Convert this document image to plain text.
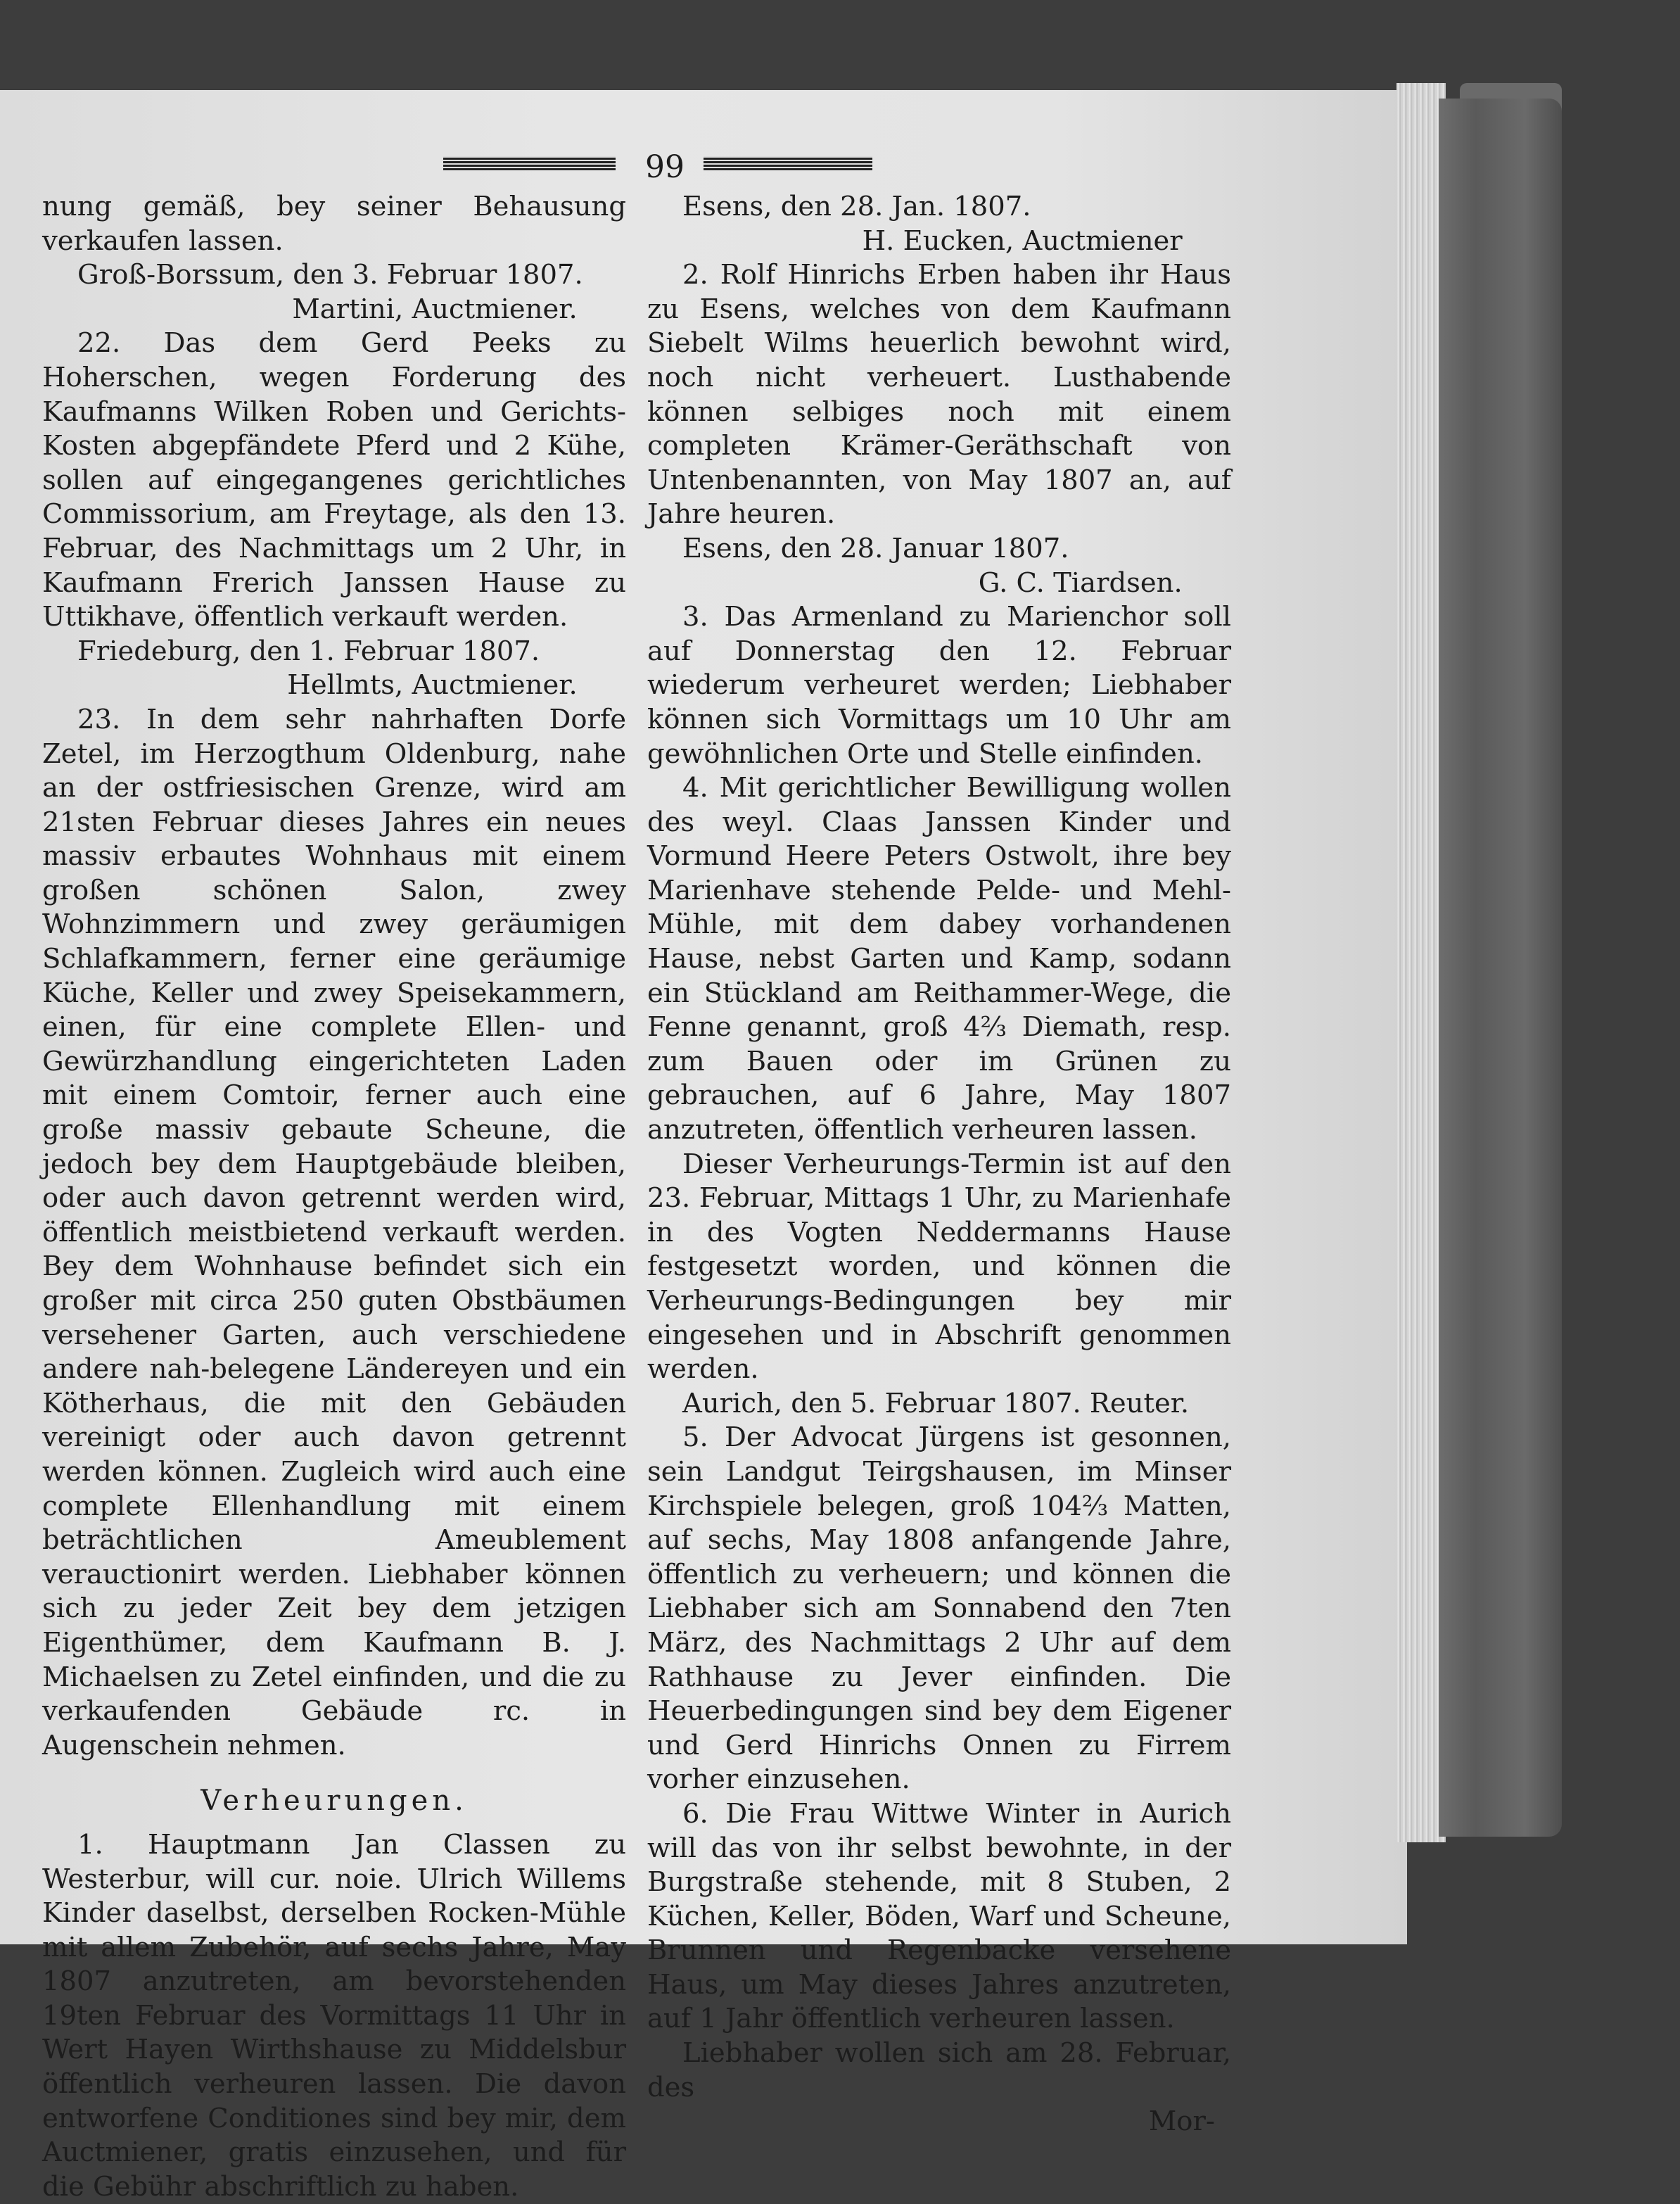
99

nung gemäß, bey seiner Behausung verkaufen lassen.

Groß-Borssum, den 3. Februar 1807.

Martini, Auctmiener.

22. Das dem Gerd Peeks zu Hoherschen, wegen Forderung des Kaufmanns Wilken Roben und Gerichts-Kosten abgepfändete Pferd und 2 Kühe, sollen auf eingegangenes gerichtliches Commissorium, am Freytage, als den 13. Februar, des Nachmittags um 2 Uhr, in Kaufmann Frerich Janssen Hause zu Uttikhave, öffentlich verkauft werden.

Friedeburg, den 1. Februar 1807.

Hellmts, Auctmiener.

23. In dem sehr nahrhaften Dorfe Zetel, im Herzogthum Oldenburg, nahe an der ostfriesischen Grenze, wird am 21sten Februar dieses Jahres ein neues massiv erbautes Wohnhaus mit einem großen schönen Salon, zwey Wohnzimmern und zwey geräumigen Schlafkammern, ferner eine geräumige Küche, Keller und zwey Speisekammern, einen, für eine complete Ellen- und Gewürzhandlung eingerichteten Laden mit einem Comtoir, ferner auch eine große massiv gebaute Scheune, die jedoch bey dem Hauptgebäude bleiben, oder auch davon getrennt werden wird, öffentlich meistbietend verkauft werden. Bey dem Wohnhause befindet sich ein großer mit circa 250 guten Obstbäumen versehener Garten, auch verschiedene andere nah-belegene Ländereyen und ein Kötherhaus, die mit den Gebäuden vereinigt oder auch davon getrennt werden können. Zugleich wird auch eine complete Ellenhandlung mit einem beträchtlichen Ameublement verauctionirt werden. Liebhaber können sich zu jeder Zeit bey dem jetzigen Eigenthümer, dem Kaufmann B. J. Michaelsen zu Zetel einfinden, und die zu verkaufenden Gebäude rc. in Augenschein nehmen.

Verheurungen.

1. Hauptmann Jan Classen zu Westerbur, will cur. noie. Ulrich Willems Kinder daselbst, derselben Rocken-Mühle mit allem Zubehör, auf sechs Jahre, May 1807 anzutreten, am bevorstehenden 19ten Februar des Vormittags 11 Uhr in Wert Hayen Wirthshause zu Middelsbur öffentlich verheuren lassen. Die davon entworfene Conditiones sind bey mir, dem Auctmiener, gratis einzusehen, und für die Gebühr abschriftlich zu haben.

Esens, den 28. Jan. 1807.

H. Eucken, Auctmiener

2. Rolf Hinrichs Erben haben ihr Haus zu Esens, welches von dem Kaufmann Siebelt Wilms heuerlich bewohnt wird, noch nicht verheuert. Lusthabende können selbiges noch mit einem completen Krämer-Geräthschaft von Untenbenannten, von May 1807 an, auf Jahre heuren.

Esens, den 28. Januar 1807.

G. C. Tiardsen.

3. Das Armenland zu Marienchor soll auf Donnerstag den 12. Februar wiederum verheuret werden; Liebhaber können sich Vormittags um 10 Uhr am gewöhnlichen Orte und Stelle einfinden.

4. Mit gerichtlicher Bewilligung wollen des weyl. Claas Janssen Kinder und Vormund Heere Peters Ostwolt, ihre bey Marienhave stehende Pelde- und Mehl-Mühle, mit dem dabey vorhandenen Hause, nebst Garten und Kamp, sodann ein Stückland am Reithammer-Wege, die Fenne genannt, groß 4⅔ Diemath, resp. zum Bauen oder im Grünen zu gebrauchen, auf 6 Jahre, May 1807 anzutreten, öffentlich verheuren lassen.

Dieser Verheurungs-Termin ist auf den 23. Februar, Mittags 1 Uhr, zu Marienhafe in des Vogten Neddermanns Hause festgesetzt worden, und können die Verheurungs-Bedingungen bey mir eingesehen und in Abschrift genommen werden.

Aurich, den 5. Februar 1807. Reuter.

5. Der Advocat Jürgens ist gesonnen, sein Landgut Teirgshausen, im Minser Kirchspiele belegen, groß 104⅔ Matten, auf sechs, May 1808 anfangende Jahre, öffentlich zu verheuern; und können die Liebhaber sich am Sonnabend den 7ten März, des Nachmittags 2 Uhr auf dem Rathhause zu Jever einfinden. Die Heuerbedingungen sind bey dem Eigener und Gerd Hinrichs Onnen zu Firrem vorher einzusehen.

6. Die Frau Wittwe Winter in Aurich will das von ihr selbst bewohnte, in der Burgstraße stehende, mit 8 Stuben, 2 Küchen, Keller, Böden, Warf und Scheune, Brunnen und Regenbacke versehene Haus, um May dieses Jahres anzutreten, auf 1 Jahr öffentlich verheuren lassen.

Liebhaber wollen sich am 28. Februar, des

Mor-
